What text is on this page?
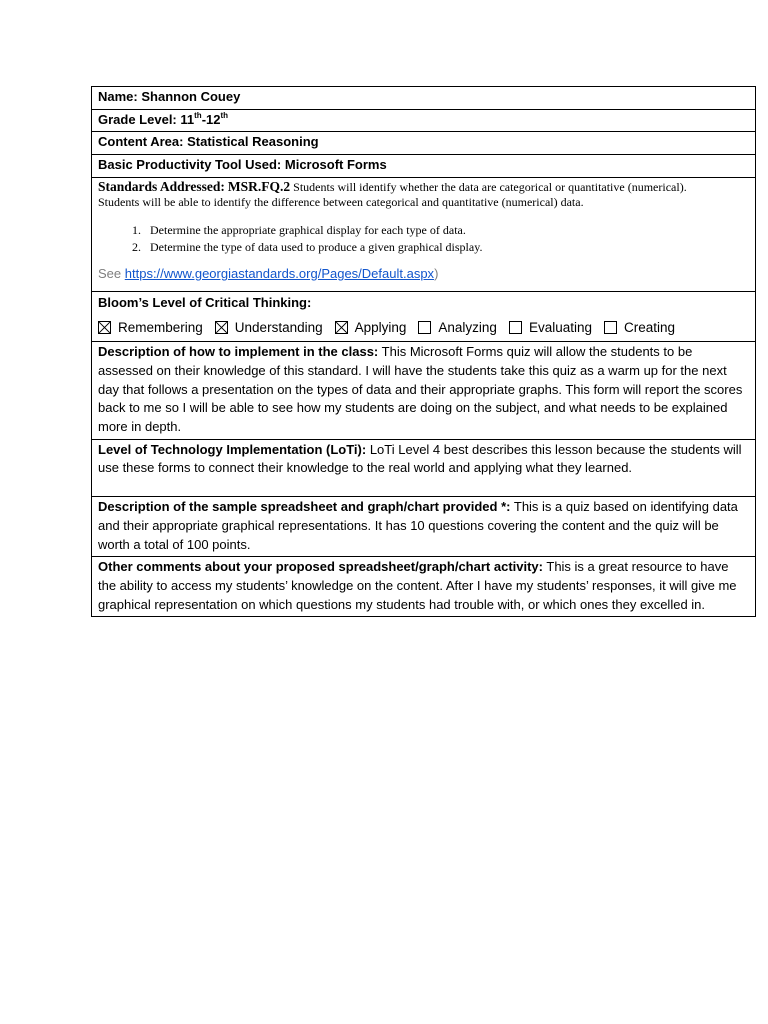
Name: Shannon Couey
Grade Level: 11th-12th
Content Area: Statistical Reasoning
Basic Productivity Tool Used: Microsoft Forms
Standards Addressed: MSR.FQ.2 Students will identify whether the data are categorical or quantitative (numerical).
Students will be able to identify the difference between categorical and quantitative (numerical) data.
1. Determine the appropriate graphical display for each type of data.
2. Determine the type of data used to produce a given graphical display.
See https://www.georgiastandards.org/Pages/Default.aspx)
Bloom’s Level of Critical Thinking:
Remembering Understanding Applying Analyzing Evaluating Creating
Description of how to implement in the class: This Microsoft Forms quiz will allow the students to be assessed on their knowledge of this standard. I will have the students take this quiz as a warm up for the next day that follows a presentation on the types of data and their appropriate graphs. This form will report the scores back to me so I will be able to see how my students are doing on the subject, and what needs to be explained more in depth.
Level of Technology Implementation (LoTi): LoTi Level 4 best describes this lesson because the students will use these forms to connect their knowledge to the real world and applying what they learned.
Description of the sample spreadsheet and graph/chart provided *: This is a quiz based on identifying data and their appropriate graphical representations. It has 10 questions covering the content and the quiz will be worth a total of 100 points.
Other comments about your proposed spreadsheet/graph/chart activity: This is a great resource to have the ability to access my students’ knowledge on the content. After I have my students’ responses, it will give me graphical representation on which questions my students had trouble with, or which ones they excelled in.
